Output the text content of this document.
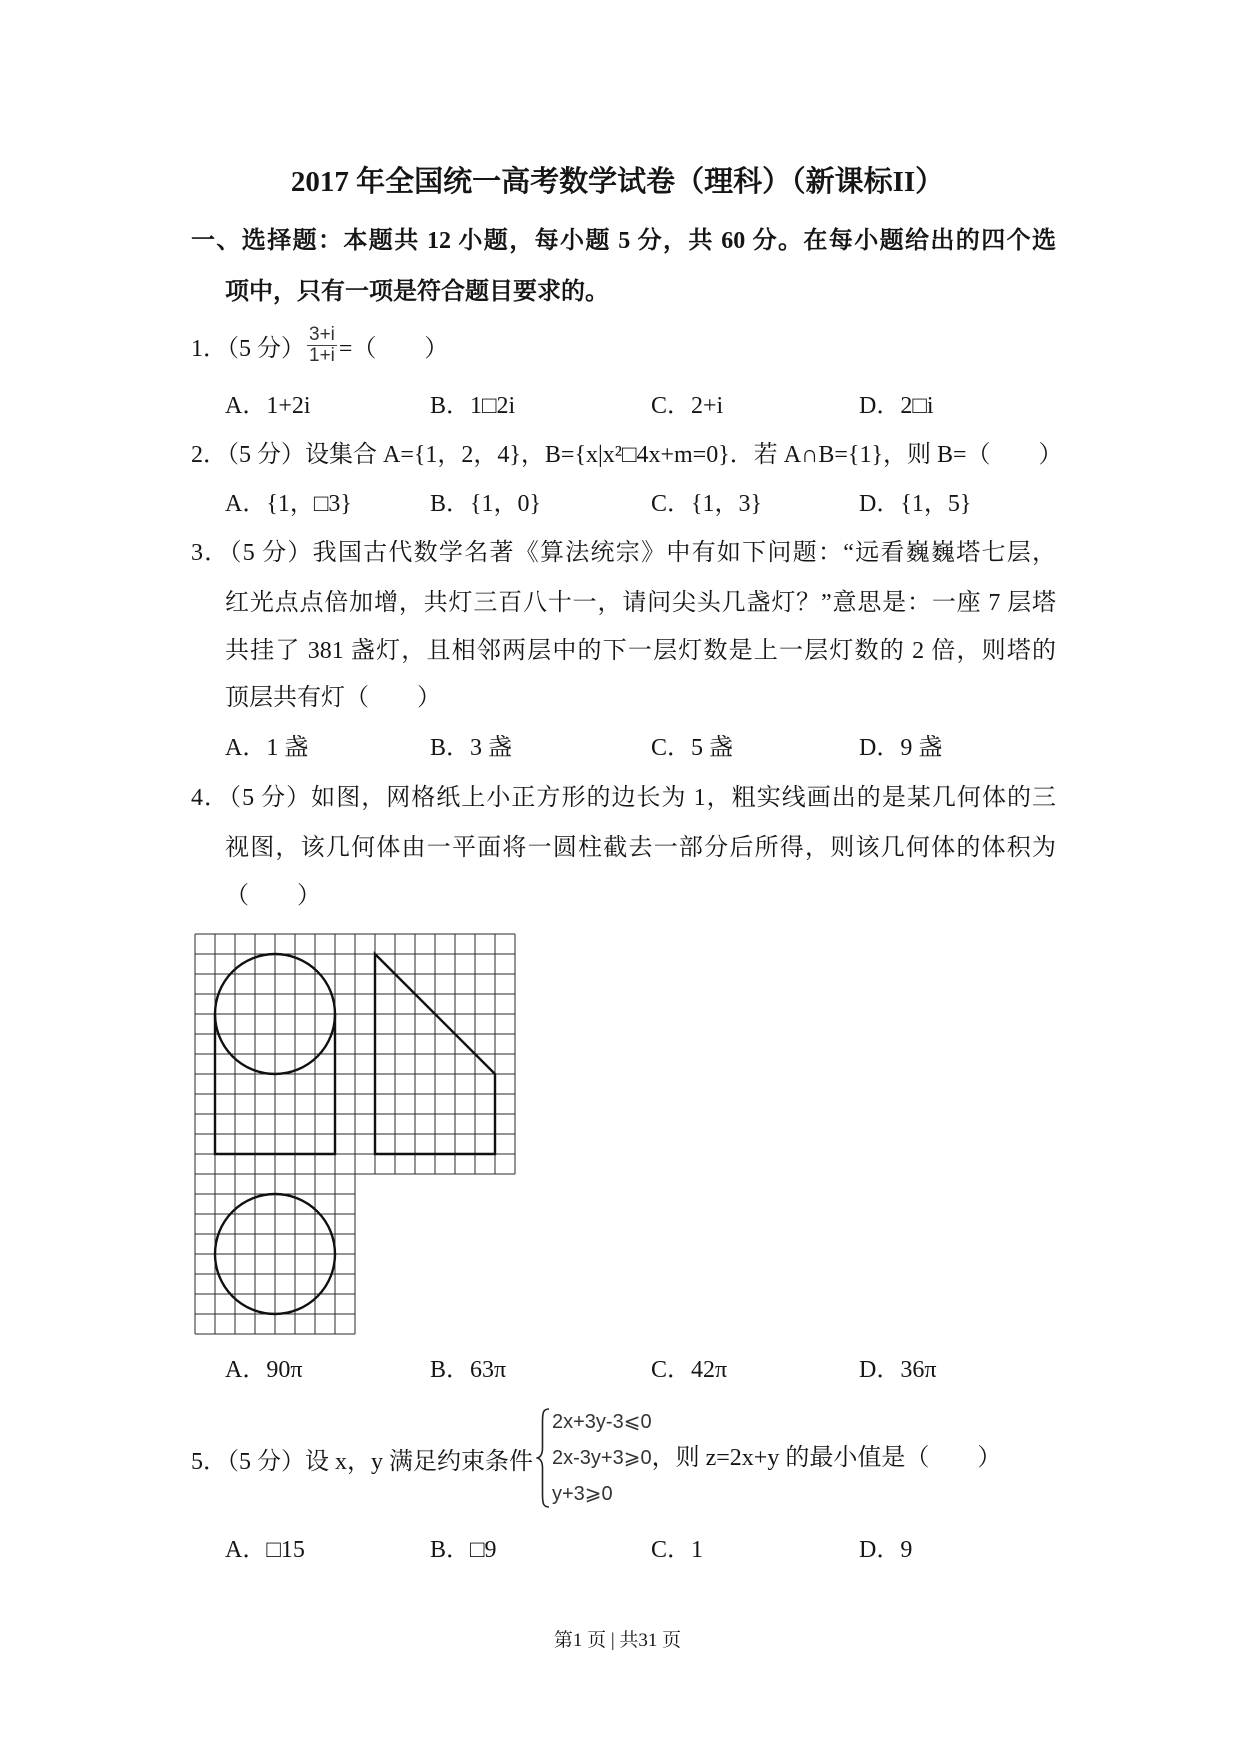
2017 年全国统一高考数学试卷（理科）（新课标II）
一、选择题：本题共 12 小题，每小题 5 分，共 60 分。在每小题给出的四个选
项中，只有一项是符合题目要求的。
1．（5 分） $\frac{3+i}{1+i}$ =（　　）
A．1+2i	B．1□2i	C．2+i	D．2□i
2．（5 分）设集合 A={1，2，4}，B={x|x²□4x+m=0}．若 A∩B={1}，则 B=（　　）
A．{1，□3}	B．{1，0}	C．{1，3}	D．{1，5}
3．（5 分）我国古代数学名著《算法统宗》中有如下问题：“远看巍巍塔七层，
红光点点倍加增，共灯三百八十一，请问尖头几盏灯？”意思是：一座 7 层塔
共挂了 381 盏灯，且相邻两层中的下一层灯数是上一层灯数的 2 倍，则塔的
顶层共有灯（　　）
A．1 盏	B．3 盏	C．5 盏	D．9 盏
4．（5 分）如图，网格纸上小正方形的边长为 1，粗实线画出的是某几何体的三
视图，该几何体由一平面将一圆柱截去一部分后所得，则该几何体的体积为
（　　）
A．90π	B．63π	C．42π	D．36π
5．（5 分）设 x，y 满足约束条件
2x+3y-3⩽0
2x-3y+3⩾0 ，则 z=2x+y 的最小值是（　　）
y+3⩾0
A．□15	B．□9	C．1	D．9
第1 页 | 共31 页
